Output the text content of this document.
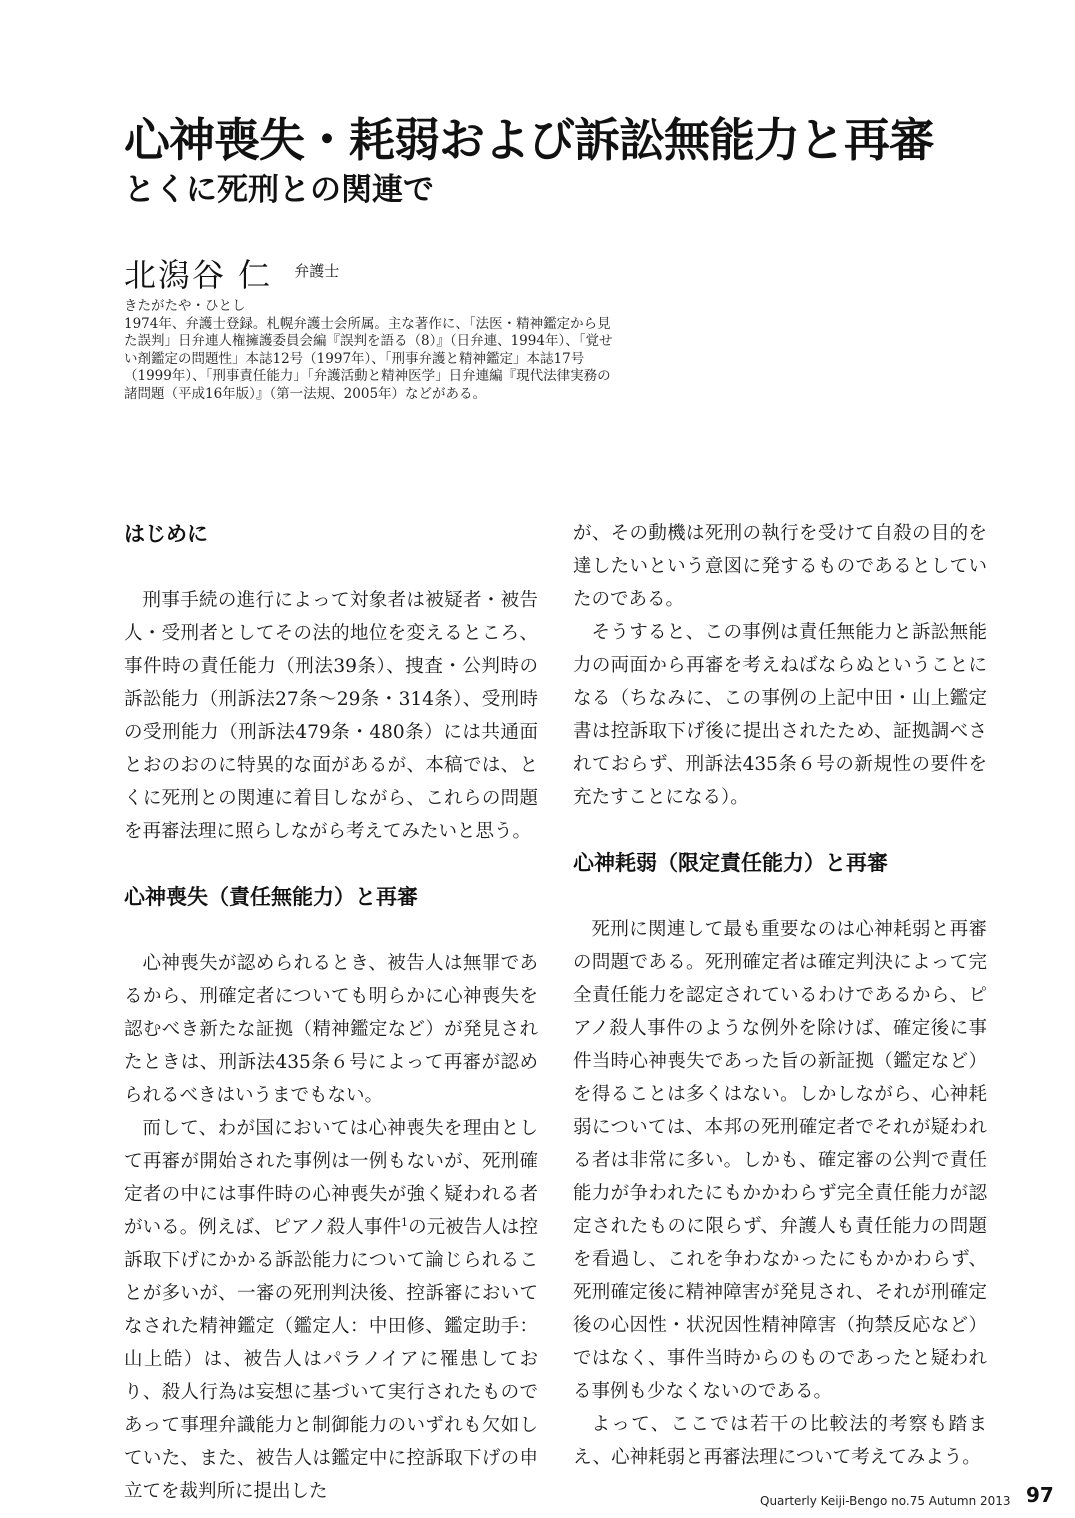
心神喪失・耗弱および訴訟無能力と再審
とくに死刑との関連で
北潟谷 仁 弁護士

きたがたや・ひとし

1974年、弁護士登録。札幌弁護士会所属。主な著作に、「法医・精神鑑定から見た誤判」日弁連人権擁護委員会編『誤判を語る（8）』（日弁連、1994年）、「覚せい剤鑑定の問題性」本誌12号（1997年）、「刑事弁護と精神鑑定」本誌17号（1999年）、「刑事責任能力」「弁護活動と精神医学」日弁連編『現代法律実務の諸問題（平成16年版）』（第一法規、2005年）などがある。

はじめに

刑事手続の進行によって対象者は被疑者・被告人・受刑者としてその法的地位を変えるところ、事件時の責任能力（刑法39条）、捜査・公判時の訴訟能力（刑訴法27条〜29条・314条）、受刑時の受刑能力（刑訴法479条・480条）には共通面とおのおのに特異的な面があるが、本稿では、とくに死刑との関連に着目しながら、これらの問題を再審法理に照らしながら考えてみたいと思う。

心神喪失（責任無能力）と再審

心神喪失が認められるとき、被告人は無罪であるから、刑確定者についても明らかに心神喪失を認むべき新たな証拠（精神鑑定など）が発見されたときは、刑訴法435条６号によって再審が認められるべきはいうまでもない。

而して、わが国においては心神喪失を理由として再審が開始された事例は一例もないが、死刑確定者の中には事件時の心神喪失が強く疑われる者がいる。例えば、ピアノ殺人事件$^1$の元被告人は控訴取下げにかかる訴訟能力について論じられることが多いが、一審の死刑判決後、控訴審においてなされた精神鑑定（鑑定人：中田修、鑑定助手：山上皓）は、被告人はパラノイアに罹患しており、殺人行為は妄想に基づいて実行されたものであって事理弁識能力と制御能力のいずれも欠如していた、また、被告人は鑑定中に控訴取下げの申立てを裁判所に提出した

が、その動機は死刑の執行を受けて自殺の目的を達したいという意図に発するものであるとしていたのである。

そうすると、この事例は責任無能力と訴訟無能力の両面から再審を考えねばならぬということになる（ちなみに、この事例の上記中田・山上鑑定書は控訴取下げ後に提出されたため、証拠調べされておらず、刑訴法435条６号の新規性の要件を充たすことになる）。

心神耗弱（限定責任能力）と再審

死刑に関連して最も重要なのは心神耗弱と再審の問題である。死刑確定者は確定判決によって完全責任能力を認定されているわけであるから、ピアノ殺人事件のような例外を除けば、確定後に事件当時心神喪失であった旨の新証拠（鑑定など）を得ることは多くはない。しかしながら、心神耗弱については、本邦の死刑確定者でそれが疑われる者は非常に多い。しかも、確定審の公判で責任能力が争われたにもかかわらず完全責任能力が認定されたものに限らず、弁護人も責任能力の問題を看過し、これを争わなかったにもかかわらず、死刑確定後に精神障害が発見され、それが刑確定後の心因性・状況因性精神障害（拘禁反応など）ではなく、事件当時からのものであったと疑われる事例も少なくないのである。

よって、ここでは若干の比較法的考察も踏まえ、心神耗弱と再審法理について考えてみよう。

Quarterly Keiji-Bengo no.75 Autumn 2013 97
